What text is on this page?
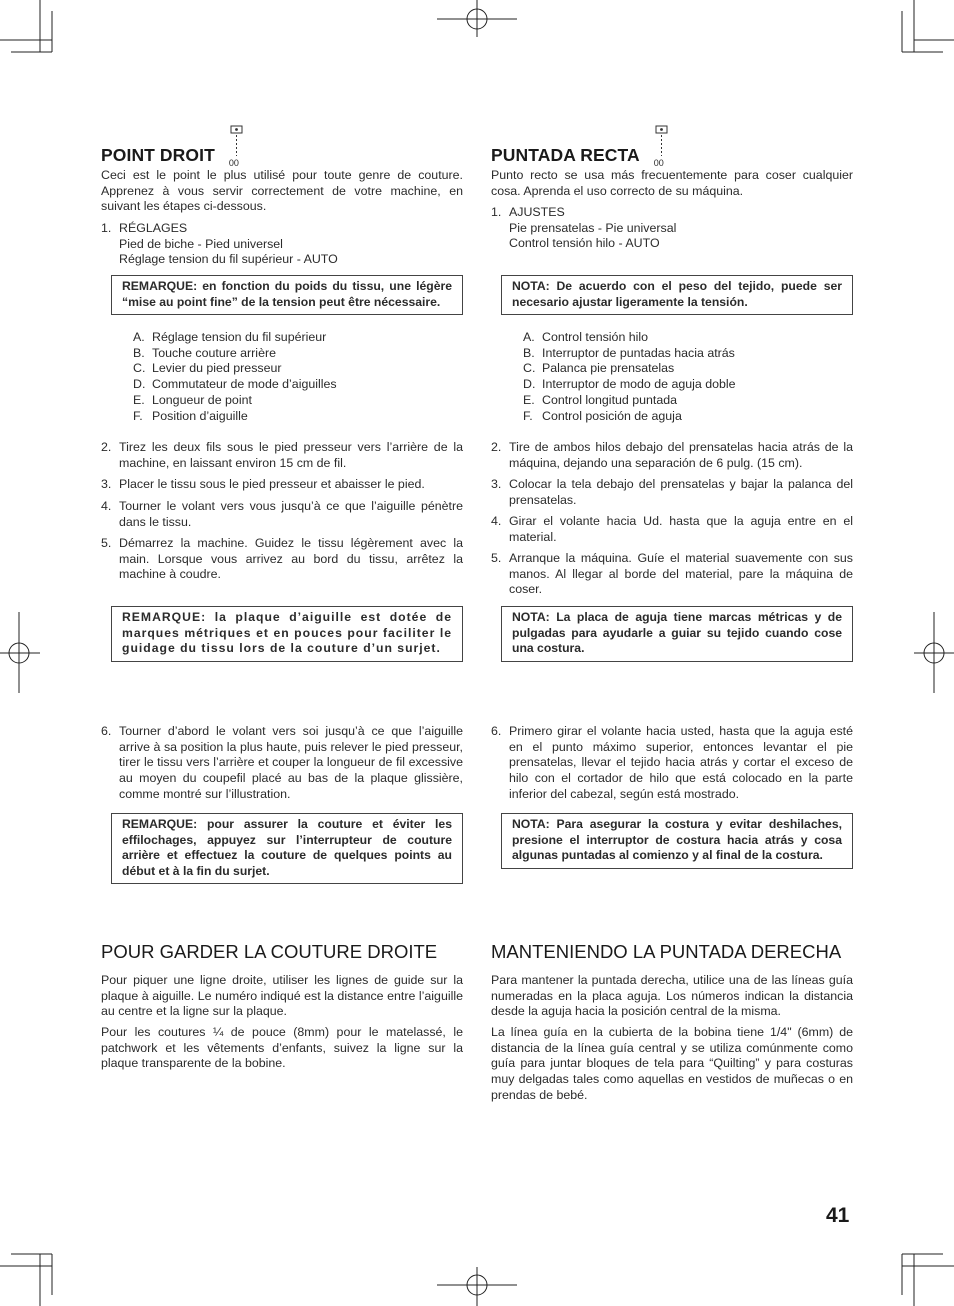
POINT DROIT 00

Ceci est le point le plus utilisé pour toute genre de couture. Apprenez à vous servir correctement de votre machine, en suivant les étapes ci-dessous.

1. RÉGLAGES
Pied de biche - Pied universel
Réglage tension du fil supérieur - AUTO
REMARQUE: en fonction du poids du tissu, une légère “mise au point fine” de la tension peut être nécessaire.
A. Réglage tension du fil supérieur
B. Touche couture arrière
C. Levier du pied presseur
D. Commutateur de mode d’aiguilles
E. Longueur de point
F. Position d’aiguille
2. Tirez les deux fils sous le pied presseur vers l’arrière de la machine, en laissant environ 15 cm de fil.
3. Placer le tissu sous le pied presseur et abaisser le pied.
4. Tourner le volant vers vous jusqu’à ce que l’aiguille pénètre dans le tissu.
5. Démarrez la machine. Guidez le tissu légèrement avec la main. Lorsque vous arrivez au bord du tissu, arrêtez la machine à coudre.
REMARQUE: la plaque d’aiguille est dotée de marques métriques et en pouces pour faciliter le guidage du tissu lors de la couture d’un surjet.
6. Tourner d’abord le volant vers soi jusqu’à ce que l’aiguille arrive à sa position la plus haute, puis relever le pied presseur, tirer le tissu vers l’arrière et couper la longueur de fil excessive au moyen du coupefil placé au bas de la plaque glissière, comme montré sur l’illustration.
REMARQUE: pour assurer la couture et éviter les effilochages, appuyez sur l’interrupteur de couture arrière et effectuez la couture de quelques points au début et à la fin du surjet.
POUR GARDER LA COUTURE DROITE

Pour piquer une ligne droite, utiliser les lignes de guide sur la plaque à aiguille. Le numéro indiqué est la distance entre l’aiguille au centre et la ligne sur la plaque.

Pour les coutures ¼ de pouce (8mm) pour le matelassé, le patchwork et les vêtements d’enfants, suivez la ligne sur la plaque transparente de la bobine.

PUNTADA RECTA 00

Punto recto se usa más frecuentemente para coser cualquier cosa. Aprenda el uso correcto de su máquina.

1. AJUSTES
Pie prensatelas - Pie universal
Control tensión hilo - AUTO
NOTA: De acuerdo con el peso del tejido, puede ser necesario ajustar ligeramente la tensión.
A. Control tensión hilo
B. Interruptor de puntadas hacia atrás
C. Palanca pie prensatelas
D. Interruptor de modo de aguja doble
E. Control longitud puntada
F. Control posición de aguja
2. Tire de ambos hilos debajo del prensatelas hacia atrás de la máquina, dejando una separación de 6 pulg. (15 cm).
3. Colocar la tela debajo del prensatelas y bajar la palanca del prensatelas.
4. Girar el volante hacia Ud. hasta que la aguja entre en el material.
5. Arranque la máquina. Guíe el material suavemente con sus manos. Al llegar al borde del material, pare la máquina de coser.
NOTA: La placa de aguja tiene marcas métricas y de pulgadas para ayudarle a guiar su tejido cuando cose una costura.
6. Primero girar el volante hacia usted, hasta que la aguja esté en el punto máximo superior, entonces levantar el pie prensatelas, llevar el tejido hacia atrás y cortar el exceso de hilo con el cortador de hilo que está colocado en la parte inferior del cabezal, según está mostrado.
NOTA: Para asegurar la costura y evitar deshilaches, presione el interruptor de costura hacia atrás y cosa algunas puntadas al comienzo y al final de la costura.
MANTENIENDO LA PUNTADA DERECHA

Para mantener la puntada derecha, utilice una de las líneas guía numeradas en la placa aguja. Los números indican la distancia desde la aguja hacia la posición central de la misma.

La línea guía en la cubierta de la bobina tiene 1/4" (6mm) de distancia de la línea guía central y se utiliza comúnmente como guía para juntar bloques de tela para “Quilting” y para costuras muy delgadas tales como aquellas en vestidos de muñecas o en prendas de bebé.

41
